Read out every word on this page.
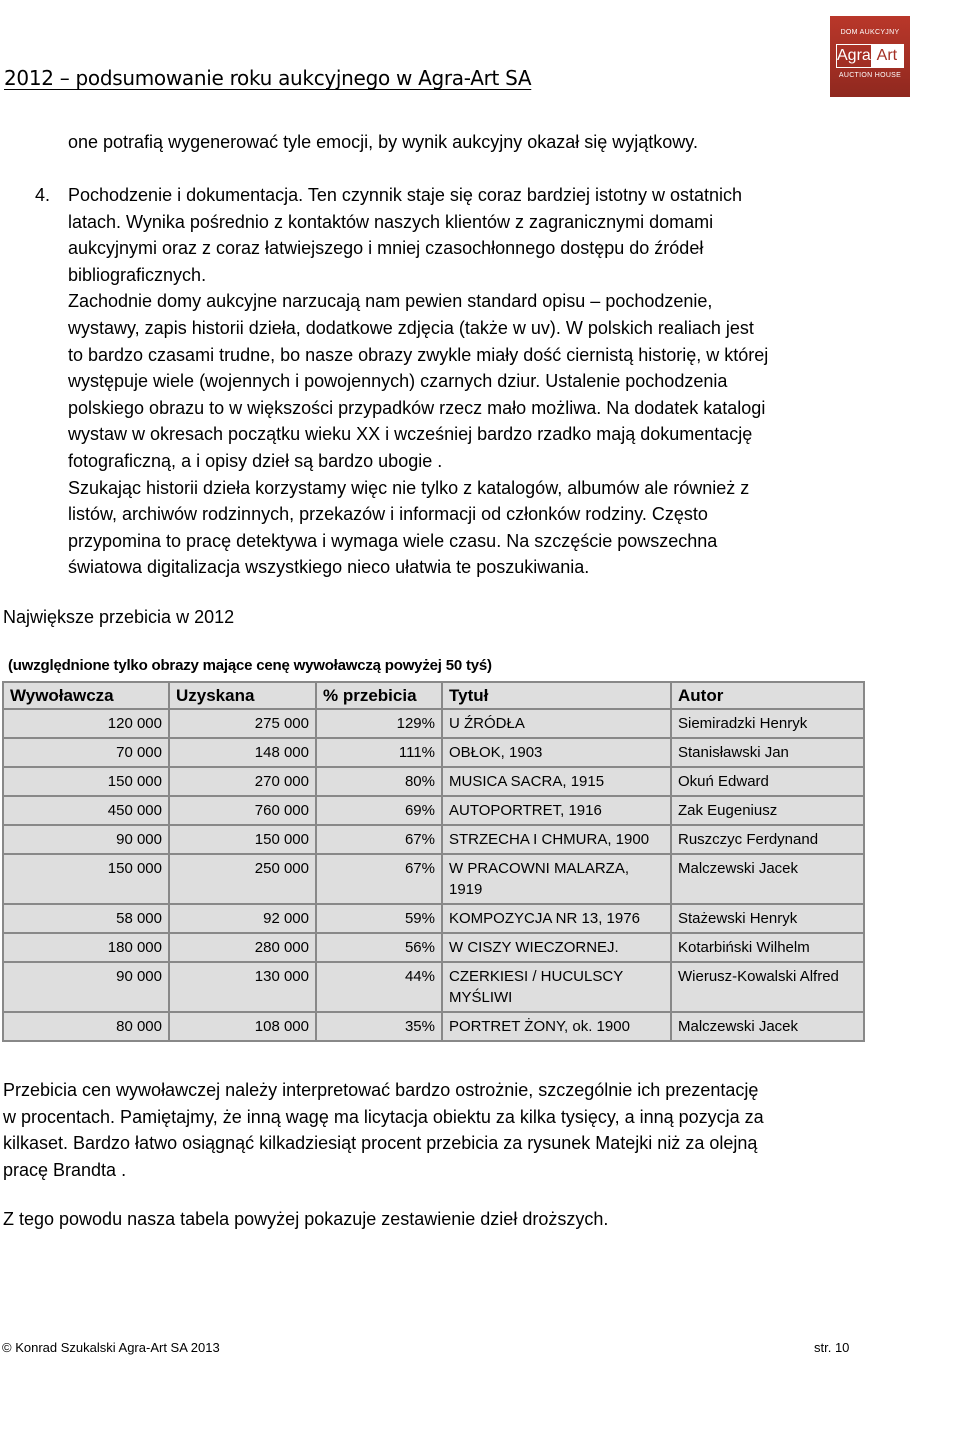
2012 – podsumowanie roku aukcyjnego w Agra-Art SA
DOM AUKCYJNY
Agra Art
AUCTION HOUSE

one potrafią wygenerować tyle emocji, by wynik aukcyjny okazał się wyjątkowy.

4. Pochodzenie i dokumentacja. Ten czynnik staje się coraz bardziej istotny w ostatnich
latach. Wynika pośrednio z kontaktów naszych klientów z zagranicznymi domami
aukcyjnymi oraz z coraz łatwiejszego i mniej czasochłonnego dostępu do źródeł
bibliograficznych.
Zachodnie domy aukcyjne narzucają nam pewien standard opisu – pochodzenie,
wystawy, zapis historii dzieła, dodatkowe zdjęcia (także w uv). W polskich realiach jest
to bardzo czasami trudne, bo nasze obrazy zwykle miały dość ciernistą historię, w której
występuje wiele (wojennych i powojennych) czarnych dziur. Ustalenie pochodzenia
polskiego obrazu to w większości przypadków rzecz mało możliwa. Na dodatek katalogi
wystaw w okresach początku wieku XX i wcześniej bardzo rzadko mają dokumentację
fotograficzną, a i opisy dzieł są bardzo ubogie .
Szukając historii dzieła korzystamy więc nie tylko z katalogów, albumów ale również z
listów, archiwów rodzinnych, przekazów i informacji od członków rodziny. Często
przypomina to pracę detektywa i wymaga wiele czasu. Na szczęście powszechna
światowa digitalizacja wszystkiego nieco ułatwia te poszukiwania.
Największe przebicia w 2012
(uwzględnione tylko obrazy mające cenę wywoławczą powyżej 50 tyś)
Wywoławcza	Uzyskana	% przebicia	Tytuł	Autor
120 000	275 000	129%	U ŹRÓDŁA	Siemiradzki Henryk
70 000	148 000	111%	OBŁOK, 1903	Stanisławski Jan
150 000	270 000	80%	MUSICA SACRA, 1915	Okuń Edward
450 000	760 000	69%	AUTOPORTRET, 1916	Zak Eugeniusz
90 000	150 000	67%	STRZECHA I CHMURA, 1900	Ruszczyc Ferdynand
150 000	250 000	67%	W PRACOWNI MALARZA, 1919	Malczewski Jacek
58 000	92 000	59%	KOMPOZYCJA NR 13, 1976	Stażewski Henryk
180 000	280 000	56%	W CISZY WIECZORNEJ.	Kotarbiński Wilhelm
90 000	130 000	44%	CZERKIESI / HUCULSCY MYŚLIWI	Wierusz-Kowalski Alfred
80 000	108 000	35%	PORTRET ŻONY, ok. 1900	Malczewski Jacek
Przebicia cen wywoławczej należy interpretować bardzo ostrożnie, szczególnie ich prezentację
w procentach. Pamiętajmy, że inną wagę ma licytacja obiektu za kilka tysięcy, a inną pozycja za
kilkaset. Bardzo łatwo osiągnąć kilkadziesiąt procent przebicia za rysunek Matejki niż za olejną
pracę Brandta .
Z tego powodu nasza tabela powyżej pokazuje zestawienie dzieł droższych.
© Konrad Szukalski Agra-Art SA 2013	str. 10
